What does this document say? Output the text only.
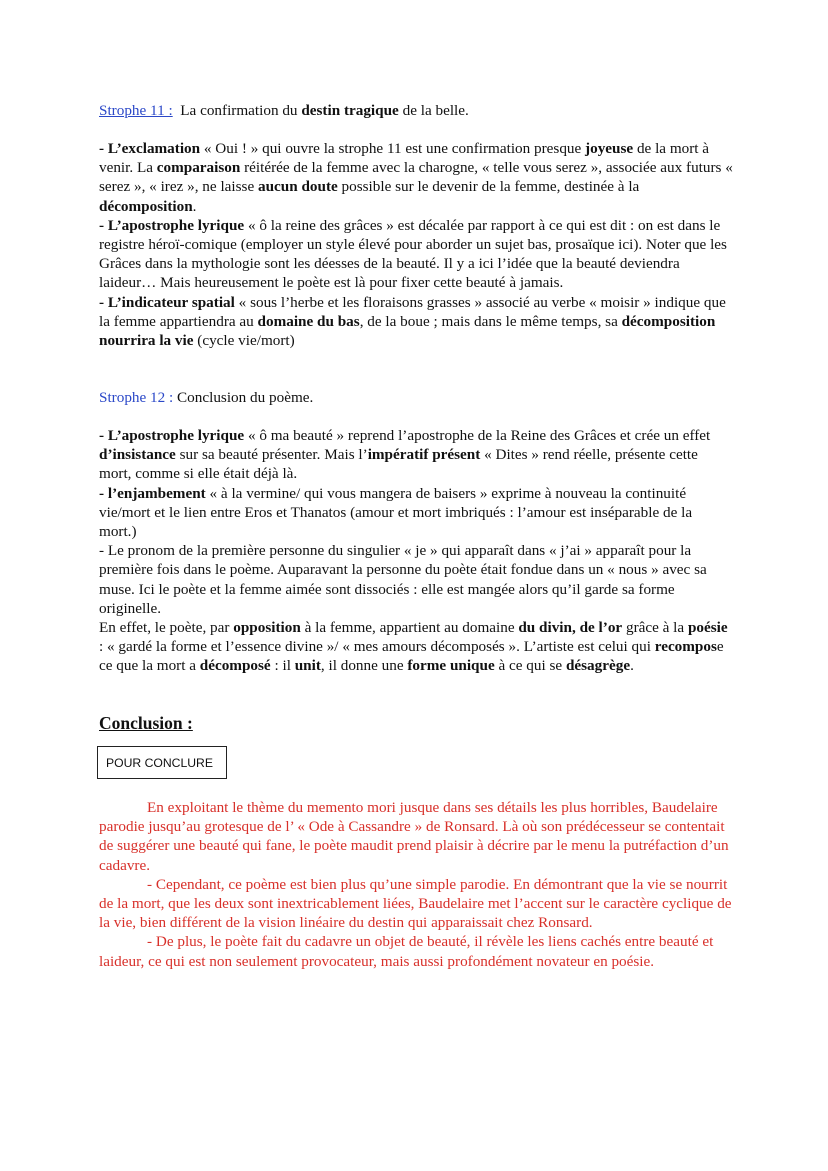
Strophe 11 : La confirmation du destin tragique de la belle.

- L’exclamation « Oui ! » qui ouvre la strophe 11 est une confirmation presque joyeuse de la mort à venir. La comparaison réitérée de la femme avec la charogne, « telle vous serez », associée aux futurs « serez », « irez », ne laisse aucun doute possible sur le devenir de la femme, destinée à la décomposition.

- L’apostrophe lyrique « ô la reine des grâces » est décalée par rapport à ce qui est dit : on est dans le registre héroï-comique (employer un style élevé pour aborder un sujet bas, prosaïque ici). Noter que les Grâces dans la mythologie sont les déesses de la beauté. Il y a ici l’idée que la beauté deviendra laideur… Mais heureusement le poète est là pour fixer cette beauté à jamais.

- L’indicateur spatial « sous l’herbe et les floraisons grasses » associé au verbe « moisir » indique que la femme appartiendra au domaine du bas, de la boue ; mais dans le même temps, sa décomposition nourrira la vie (cycle vie/mort)

Strophe 12 : Conclusion du poème.

- L’apostrophe lyrique « ô ma beauté » reprend l’apostrophe de la Reine des Grâces et crée un effet d’insistance sur sa beauté présenter. Mais l’impératif présent « Dites » rend réelle, présente cette mort, comme si elle était déjà là.

- l’enjambement « à la vermine/ qui vous mangera de baisers » exprime à nouveau la continuité vie/mort et le lien entre Eros et Thanatos (amour et mort imbriqués : l’amour est inséparable de la mort.)

- Le pronom de la première personne du singulier « je » qui apparaît dans « j’ai » apparaît pour la première fois dans le poème. Auparavant la personne du poète était fondue dans un « nous » avec sa muse. Ici le poète et la femme aimée sont dissociés : elle est mangée alors qu’il garde sa forme originelle.

En effet, le poète, par opposition à la femme, appartient au domaine du divin, de l’or grâce à la poésie : « gardé la forme et l’essence divine »/ « mes amours décomposés ». L’artiste est celui qui recompose ce que la mort a décomposé : il unit, il donne une forme unique à ce qui se désagrège.

Conclusion :
POUR CONCLURE

En exploitant le thème du memento mori jusque dans ses détails les plus horribles, Baudelaire parodie jusqu’au grotesque de l’ « Ode à Cassandre » de Ronsard. Là où son prédécesseur se contentait de suggérer une beauté qui fane, le poète maudit prend plaisir à décrire par le menu la putréfaction d’un cadavre.

- Cependant, ce poème est bien plus qu’une simple parodie. En démontrant que la vie se nourrit de la mort, que les deux sont inextricablement liées, Baudelaire met l’accent sur le caractère cyclique de la vie, bien différent de la vision linéaire du destin qui apparaissait chez Ronsard.

- De plus, le poète fait du cadavre un objet de beauté, il révèle les liens cachés entre beauté et laideur, ce qui est non seulement provocateur, mais aussi profondément novateur en poésie.
